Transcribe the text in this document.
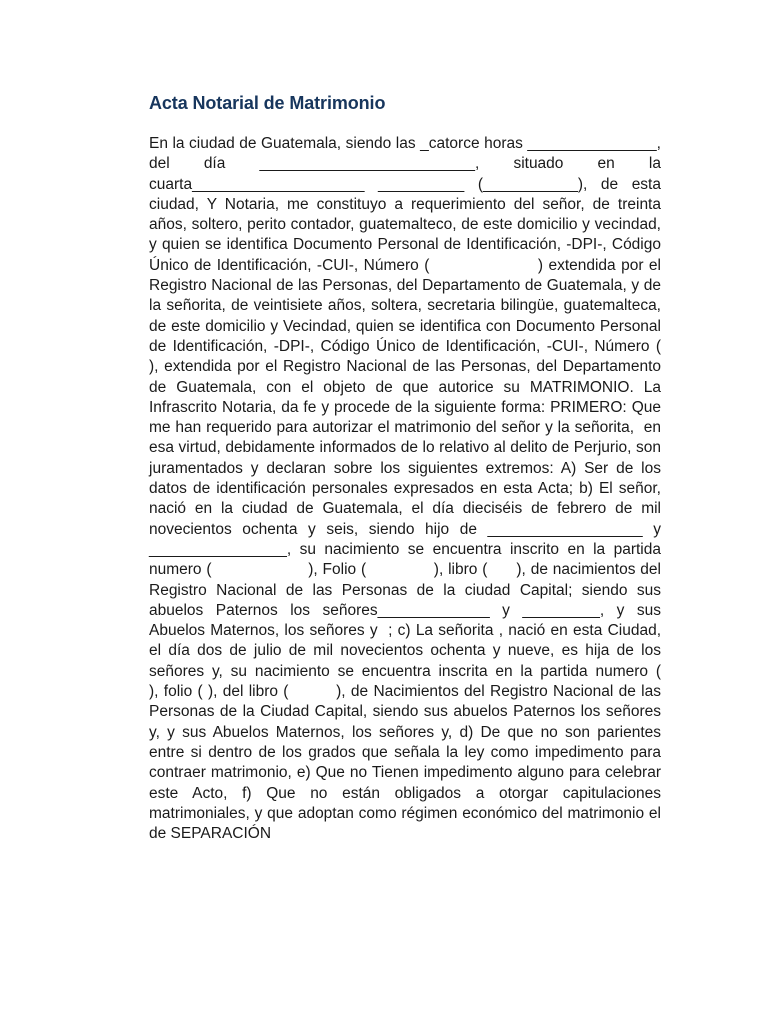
Acta Notarial de Matrimonio

En la ciudad de Guatemala, siendo las _catorce horas _______________, del día _________________________, situado en la cuarta____________________ __________ (___________), de esta ciudad, Y Notaria, me constituyo a requerimiento del señor, de treinta años, soltero, perito contador, guatemalteco, de este domicilio y vecindad, y quien se identifica Documento Personal de Identificación, -DPI-, Código Único de Identificación, -CUI-, Número (                    ) extendida por el Registro Nacional de las Personas, del Departamento de Guatemala, y de la señorita, de veintisiete años, soltera, secretaria bilingüe, guatemalteca, de este domicilio y Vecindad, quien se identifica con Documento Personal de Identificación, -DPI-, Código Único de Identificación, -CUI-, Número (          ), extendida por el Registro Nacional de las Personas, del Departamento de Guatemala, con el objeto de que autorice su MATRIMONIO. La Infrascrito Notaria, da fe y procede de la siguiente forma: PRIMERO: Que me han requerido para autorizar el matrimonio del señor y la señorita,  en esa virtud, debidamente informados de lo relativo al delito de Perjurio, son juramentados y declaran sobre los siguientes extremos: A) Ser de los datos de identificación personales expresados en esta Acta; b) El señor, nació en la ciudad de Guatemala, el día dieciséis de febrero de mil novecientos ochenta y seis, siendo hijo de __________________ y ________________, su nacimiento se encuentra inscrito en la partida numero (                    ), Folio (              ), libro (      ), de nacimientos del Registro Nacional de las Personas de la ciudad Capital; siendo sus abuelos Paternos los señores_____________ y _________, y sus Abuelos Maternos, los señores y  ; c) La señorita , nació en esta Ciudad, el día dos de julio de mil novecientos ochenta y nueve, es hija de los señores y, su nacimiento se encuentra inscrita en la partida numero (       ), folio ( ), del libro (         ), de Nacimientos del Registro Nacional de las Personas de la Ciudad Capital, siendo sus abuelos Paternos los señores y, y sus Abuelos Maternos, los señores y, d) De que no son parientes entre si dentro de los grados que señala la ley como impedimento para contraer matrimonio, e) Que no Tienen impedimento alguno para celebrar este Acto, f) Que no están obligados a otorgar capitulaciones matrimoniales, y que adoptan como régimen económico del matrimonio el de SEPARACIÓN
